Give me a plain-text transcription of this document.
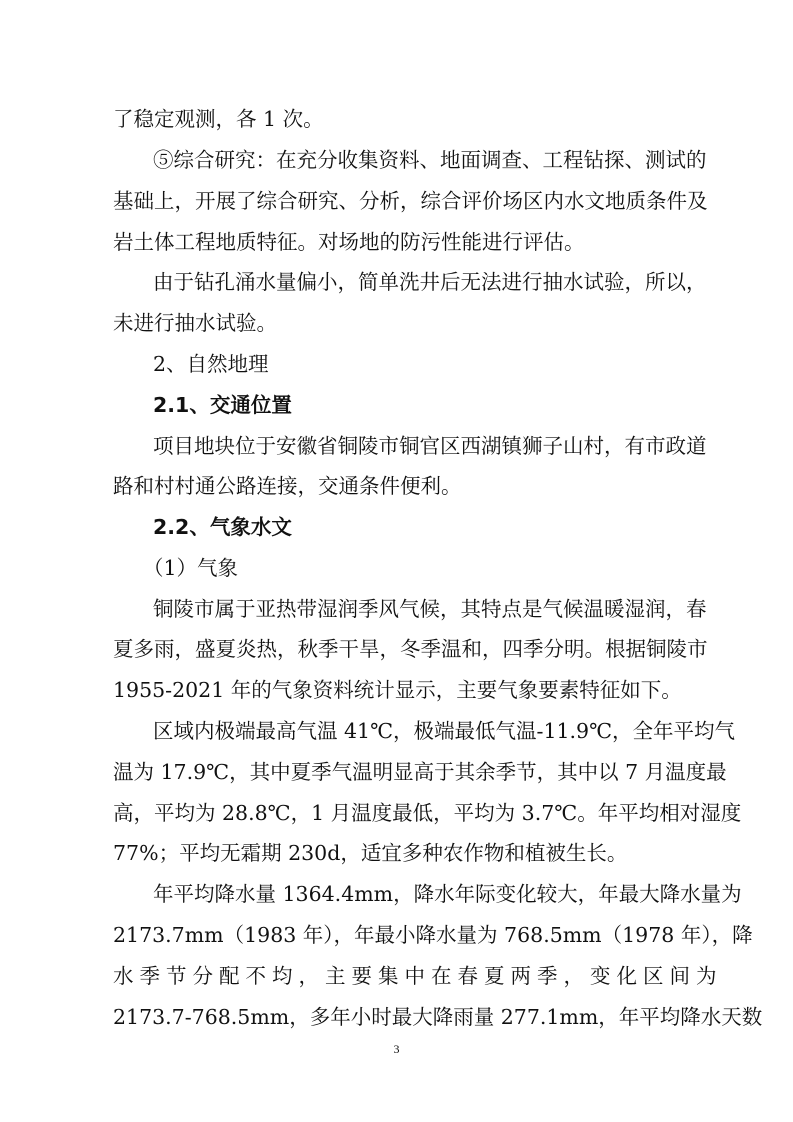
了稳定观测，各 1 次。
⑤综合研究：在充分收集资料、地面调查、工程钻探、测试的
基础上，开展了综合研究、分析，综合评价场区内水文地质条件及
岩土体工程地质特征。对场地的防污性能进行评估。
由于钻孔涌水量偏小，简单洗井后无法进行抽水试验，所以，
未进行抽水试验。
2、自然地理
2.1、交通位置
项目地块位于安徽省铜陵市铜官区西湖镇狮子山村，有市政道
路和村村通公路连接，交通条件便利。
2.2、气象水文
（1）气象
铜陵市属于亚热带湿润季风气候，其特点是气候温暖湿润，春
夏多雨，盛夏炎热，秋季干旱，冬季温和，四季分明。根据铜陵市
1955-2021 年的气象资料统计显示，主要气象要素特征如下。
区域内极端最高气温 41℃，极端最低气温-11.9℃，全年平均气
温为 17.9℃，其中夏季气温明显高于其余季节，其中以 7 月温度最
高，平均为 28.8℃，1 月温度最低，平均为 3.7℃。年平均相对湿度
77%；平均无霜期 230d，适宜多种农作物和植被生长。
年平均降水量 1364.4mm，降水年际变化较大，年最大降水量为
2173.7mm（1983 年），年最小降水量为 768.5mm（1978 年），降
水季节分配不均，主要集中在春夏两季，变化区间为
2173.7-768.5mm，多年小时最大降雨量 277.1mm，年平均降水天数
3
